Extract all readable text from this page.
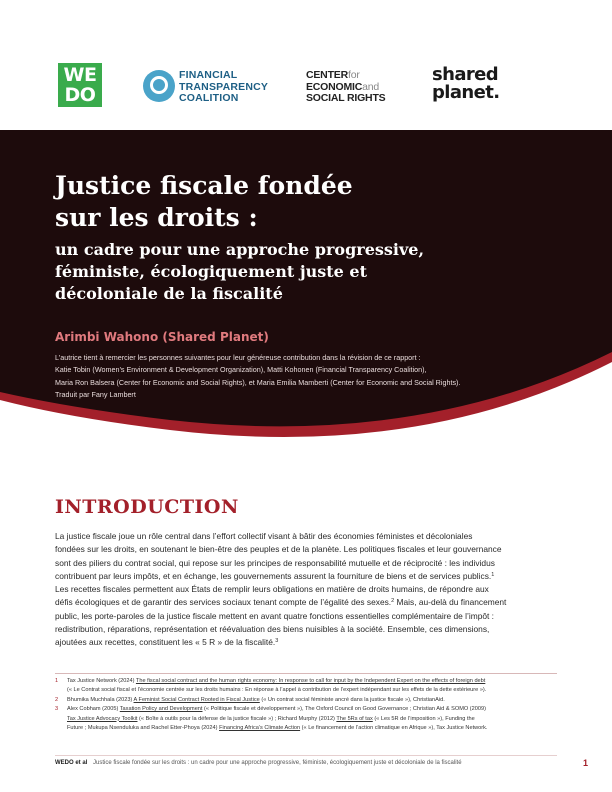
WE
DO
FINANCIAL
TRANSPARENCY
COALITION
CENTERfor
ECONOMICand
SOCIAL RIGHTS
shared
planet.
Justice fiscale fondée
sur les droits :
un cadre pour une approche progressive,
féministe, écologiquement juste et
décoloniale de la fiscalité
Arimbi Wahono (Shared Planet)
L’autrice tient à remercier les personnes suivantes pour leur généreuse contribution dans la révision de ce rapport :
Katie Tobin (Women’s Environment & Development Organization), Matti Kohonen (Financial Transparency Coalition),
Maria Ron Balsera (Center for Economic and Social Rights), et Maria Emilia Mamberti (Center for Economic and Social Rights).
Traduit par Fany Lambert
INTRODUCTION
La justice fiscale joue un rôle central dans l’effort collectif visant à bâtir des économies féministes et décoloniales
fondées sur les droits, en soutenant le bien-être des peuples et de la planète. Les politiques fiscales et leur gouvernance
sont des piliers du contrat social, qui repose sur les principes de responsabilité mutuelle et de réciprocité : les individus
contribuent par leurs impôts, et en échange, les gouvernements assurent la fourniture de biens et de services publics.$^1$
Les recettes fiscales permettent aux États de remplir leurs obligations en matière de droits humains, de répondre aux
défis écologiques et de garantir des services sociaux tenant compte de l’égalité des sexes.$^2$ Mais, au-delà du financement
public, les porte-paroles de la justice fiscale mettent en avant quatre fonctions essentielles complémentaire de l’impôt :
redistribution, réparations, représentation et réévaluation des biens nuisibles à la société. Ensemble, ces dimensions,
ajoutées aux recettes, constituent les « 5 R » de la fiscalité.$^3$
1 Tax Justice Network (2024) The fiscal social contract and the human rights economy: In response to call for input by the Independent Expert on the effects of foreign debt
(« Le Contrat social fiscal et l’économie centrée sur les droits humains : En réponse à l’appel à contribution de l’expert indépendant sur les effets de la dette extérieure »).
2 Bhumika Muchhala (2023) A Feminist Social Contract Rooted in Fiscal Justice (« Un contrat social féministe ancré dans la justice fiscale »), ChristianAid.
3 Alex Cobham (2005) Taxation Policy and Development (« Politique fiscale et développement »), The Oxford Council on Good Governance ; Christian Aid & SOMO (2009)
Tax Justice Advocacy Toolkit (« Boîte à outils pour la défense de la justice fiscale ») ; Richard Murphy (2012) The 5Rs of tax (« Les 5R de l’imposition »), Funding the
Future ; Mukupa Nsenduluka and Rachel Etter-Phoya (2024) Financing Africa’s Climate Action (« Le financement de l’action climatique en Afrique »), Tax Justice Network.
WEDO et al Justice fiscale fondée sur les droits : un cadre pour une approche progressive, féministe, écologiquement juste et décoloniale de la fiscalité	1
